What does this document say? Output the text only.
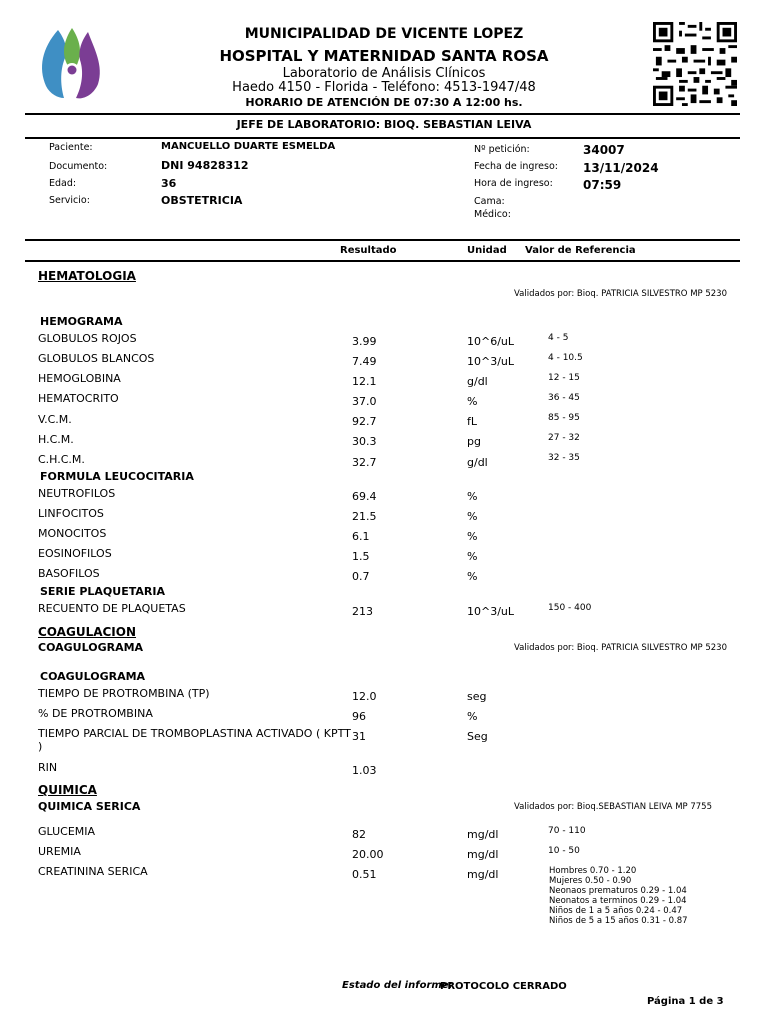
MUNICIPALIDAD DE VICENTE LOPEZ
HOSPITAL Y MATERNIDAD SANTA ROSA
Laboratorio de Análisis Clínicos
Haedo 4150 - Florida - Teléfono: 4513-1947/48
HORARIO DE ATENCIÓN DE 07:30 A 12:00 hs.
JEFE DE LABORATORIO: BIOQ. SEBASTIAN LEIVA
Paciente:	MANCUELLO DUARTE ESMELDA
Documento:	DNI 94828312
Edad:	36
Servicio:	OBSTETRICIA
Nº petición:	34007
Fecha de ingreso: 13/11/2024
Hora de ingreso:	07:59
Cama:
Médico:
Resultado	Unidad Valor de Referencia
HEMATOLOGIA
Validados por: Bioq. PATRICIA SILVESTRO MP 5230
HEMOGRAMA
GLOBULOS ROJOS	3.99	10^6/uL	4 - 5
GLOBULOS BLANCOS	7.49	10^3/uL	4 - 10.5
HEMOGLOBINA	12.1	g/dl	12 - 15
HEMATOCRITO	37.0	%	36 - 45
V.C.M.	92.7	fL	85 - 95
H.C.M.	30.3	pg	27 - 32
C.H.C.M.	32.7	g/dl	32 - 35
FORMULA LEUCOCITARIA
NEUTROFILOS	69.4	%
LINFOCITOS	21.5	%
MONOCITOS	6.1	%
EOSINOFILOS	1.5	%
BASOFILOS	0.7	%
SERIE PLAQUETARIA
RECUENTO DE PLAQUETAS	213	10^3/uL	150 - 400
COAGULACION
COAGULOGRAMA	Validados por: Bioq. PATRICIA SILVESTRO MP 5230
COAGULOGRAMA
TIEMPO DE PROTROMBINA (TP)	12.0	seg
% DE PROTROMBINA	96	%
TIEMPO PARCIAL DE TROMBOPLASTINA ACTIVADO ( KPTT
)
31	Seg
RIN	1.03
QUIMICA
QUIMICA SERICA	Validados por: Bioq.SEBASTIAN LEIVA MP 7755
GLUCEMIA	82	mg/dl	70 - 110
UREMIA	20.00	mg/dl	10 - 50
CREATININA SERICA	0.51	mg/dl	Hombres 0.70 - 1.20
Mujeres 0.50 - 0.90
Neonaos prematuros 0.29 - 1.04
Neonatos a terminos 0.29 - 1.04
Niños de 1 a 5 años 0.24 - 0.47
Niños de 5 a 15 años 0.31 - 0.87
Estado del informe:
PROTOCOLO CERRADO
Página 1 de 3
